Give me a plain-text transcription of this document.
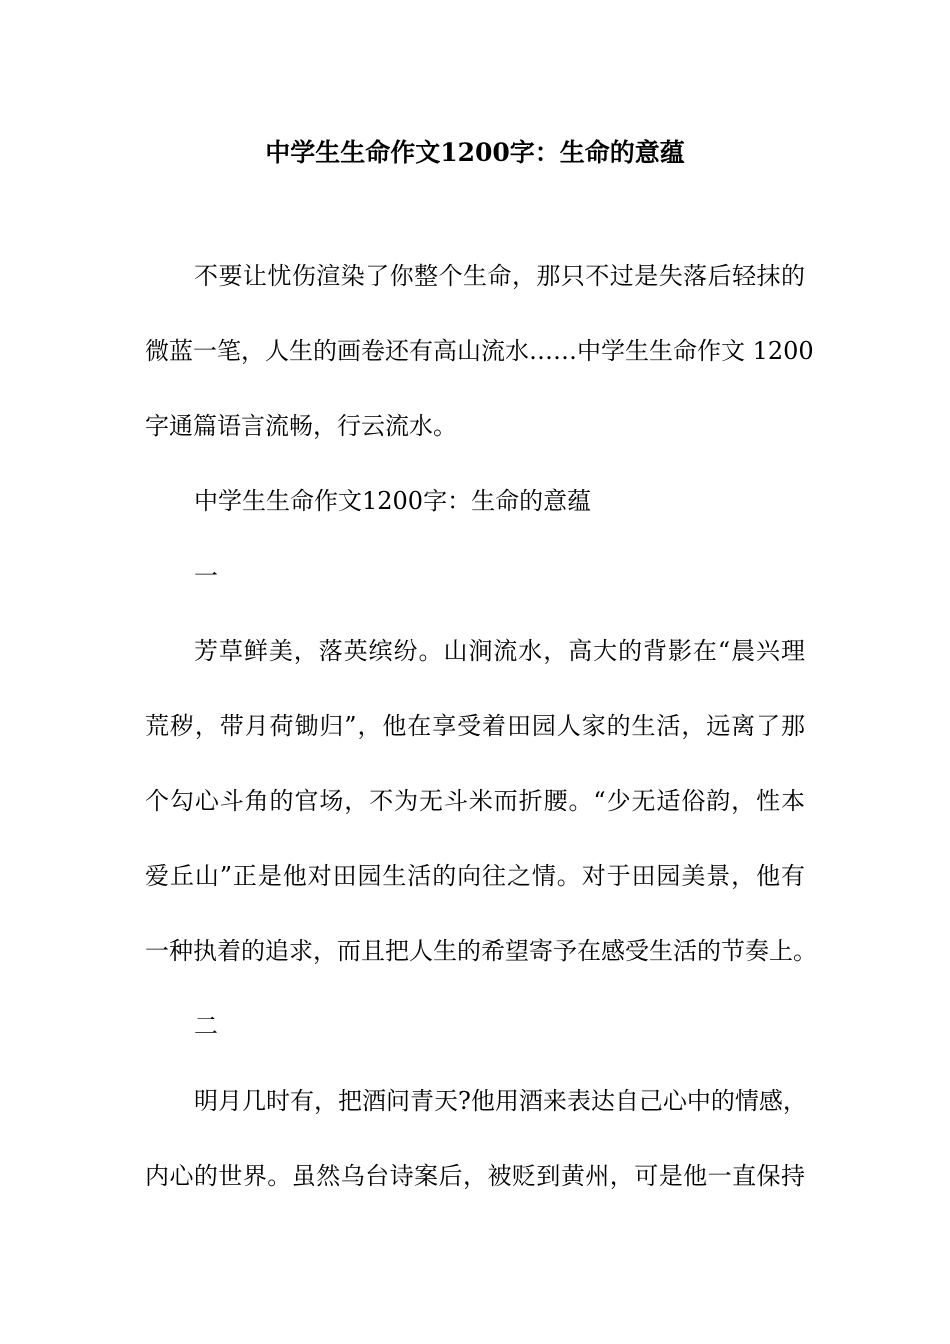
中学生生命作文1200字：生命的意蕴

不要让忧伤渲染了你整个生命，那只不过是失落后轻抹的

微蓝一笔，人生的画卷还有高山流水……中学生生命作文 1200

字通篇语言流畅，行云流水。

中学生生命作文1200字：生命的意蕴

一

芳草鲜美，落英缤纷。山涧流水，高大的背影在“晨兴理

荒秽，带月荷锄归”，他在享受着田园人家的生活，远离了那

个勾心斗角的官场，不为无斗米而折腰。“少无适俗韵，性本

爱丘山”正是他对田园生活的向往之情。对于田园美景，他有

一种执着的追求，而且把人生的希望寄予在感受生活的节奏上。

二

明月几时有，把酒问青天?他用酒来表达自己心中的情感，

内心的世界。虽然乌台诗案后，被贬到黄州，可是他一直保持
